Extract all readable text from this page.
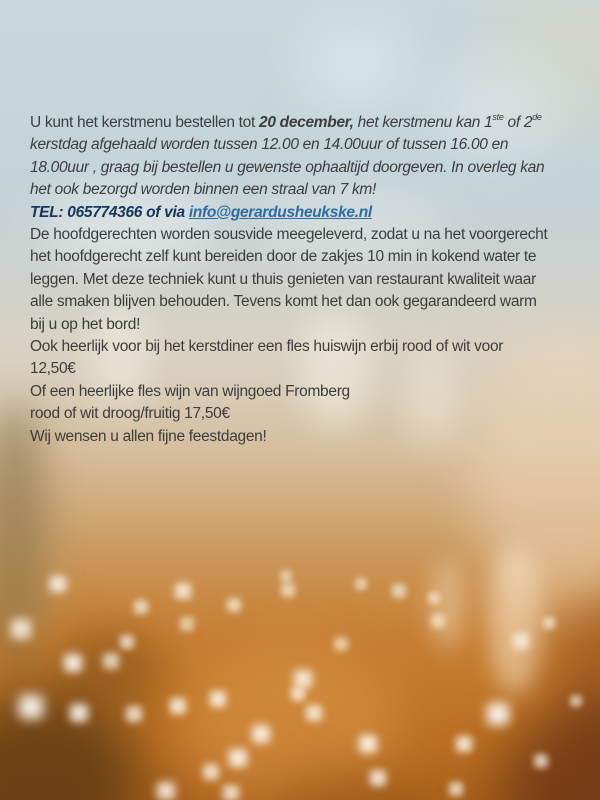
U kunt het kerstmenu bestellen tot 20 december, het kerstmenu kan 1ste of 2de
kerstdag afgehaald worden tussen 12.00 en 14.00uur of tussen 16.00 en
18.00uur , graag bij bestellen u gewenste ophaaltijd doorgeven. In overleg kan
het ook bezorgd worden binnen een straal van 7 km!

TEL: 065774366 of via info@gerardusheukske.nl

De hoofdgerechten worden sousvide meegeleverd, zodat u na het voorgerecht
het hoofdgerecht zelf kunt bereiden door de zakjes 10 min in kokend water te
leggen. Met deze techniek kunt u thuis genieten van restaurant kwaliteit waar
alle smaken blijven behouden. Tevens komt het dan ook gegarandeerd warm
bij u op het bord!

Ook heerlijk voor bij het kerstdiner een fles huiswijn erbij rood of wit voor
12,50€

Of een heerlijke fles wijn van wijngoed Fromberg
rood of wit droog/fruitig 17,50€

Wij wensen u allen fijne feestdagen!
